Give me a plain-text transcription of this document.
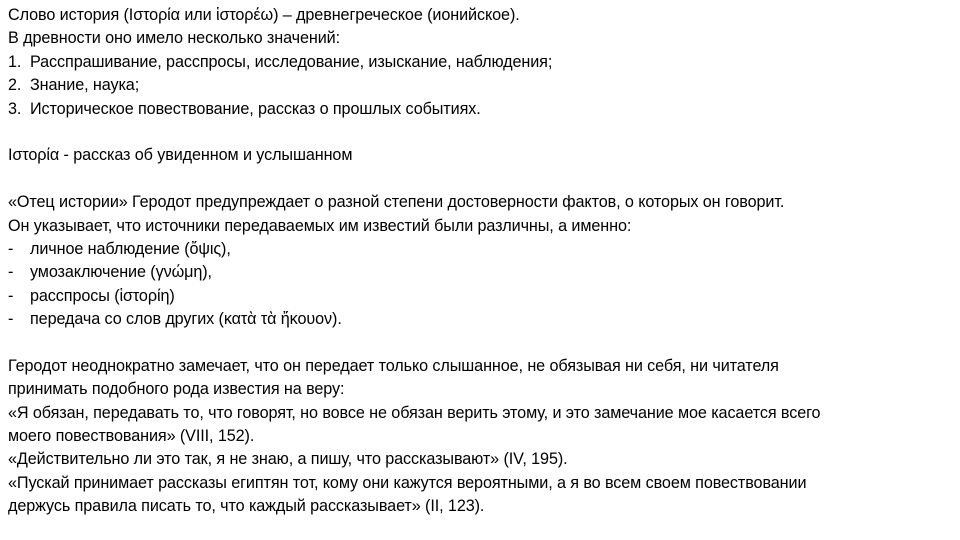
Слово история (Ιστορία или ἱστορέω) – древнегреческое (ионийское).
В древности оно имело несколько значений:
1. Расспрашивание, расспросы, исследование, изыскание, наблюдения;
2. Знание, наука;
3. Историческое повествование, рассказ о прошлых событиях.
Ιστορία - рассказ об увиденном и услышанном
«Отец истории» Геродот предупреждает о разной степени достоверности фактов, о которых он говорит.
Он указывает, что источники передаваемых им известий были различны, а именно:
-	личное наблюдение (ὄψις),
-	умозаключение (γνώμη),
-	расспросы (ἱστορίη)
-	передача со слов других (κατὰ τὰ ἤκουον).
Геродот неоднократно замечает, что он передает только слышанное, не обязывая ни себя, ни читателя
принимать подобного рода известия на веру:
«Я обязан, передавать то, что говорят, но вовсе не обязан верить этому, и это замечание мое касается всего
моего повествования» (VIII, 152).
«Действительно ли это так, я не знаю, а пишу, что рассказывают» (IV, 195).
«Пускай принимает рассказы египтян тот, кому они кажутся вероятными, а я во всем своем повествовании
держусь правила писать то, что каждый рассказывает» (II, 123).
